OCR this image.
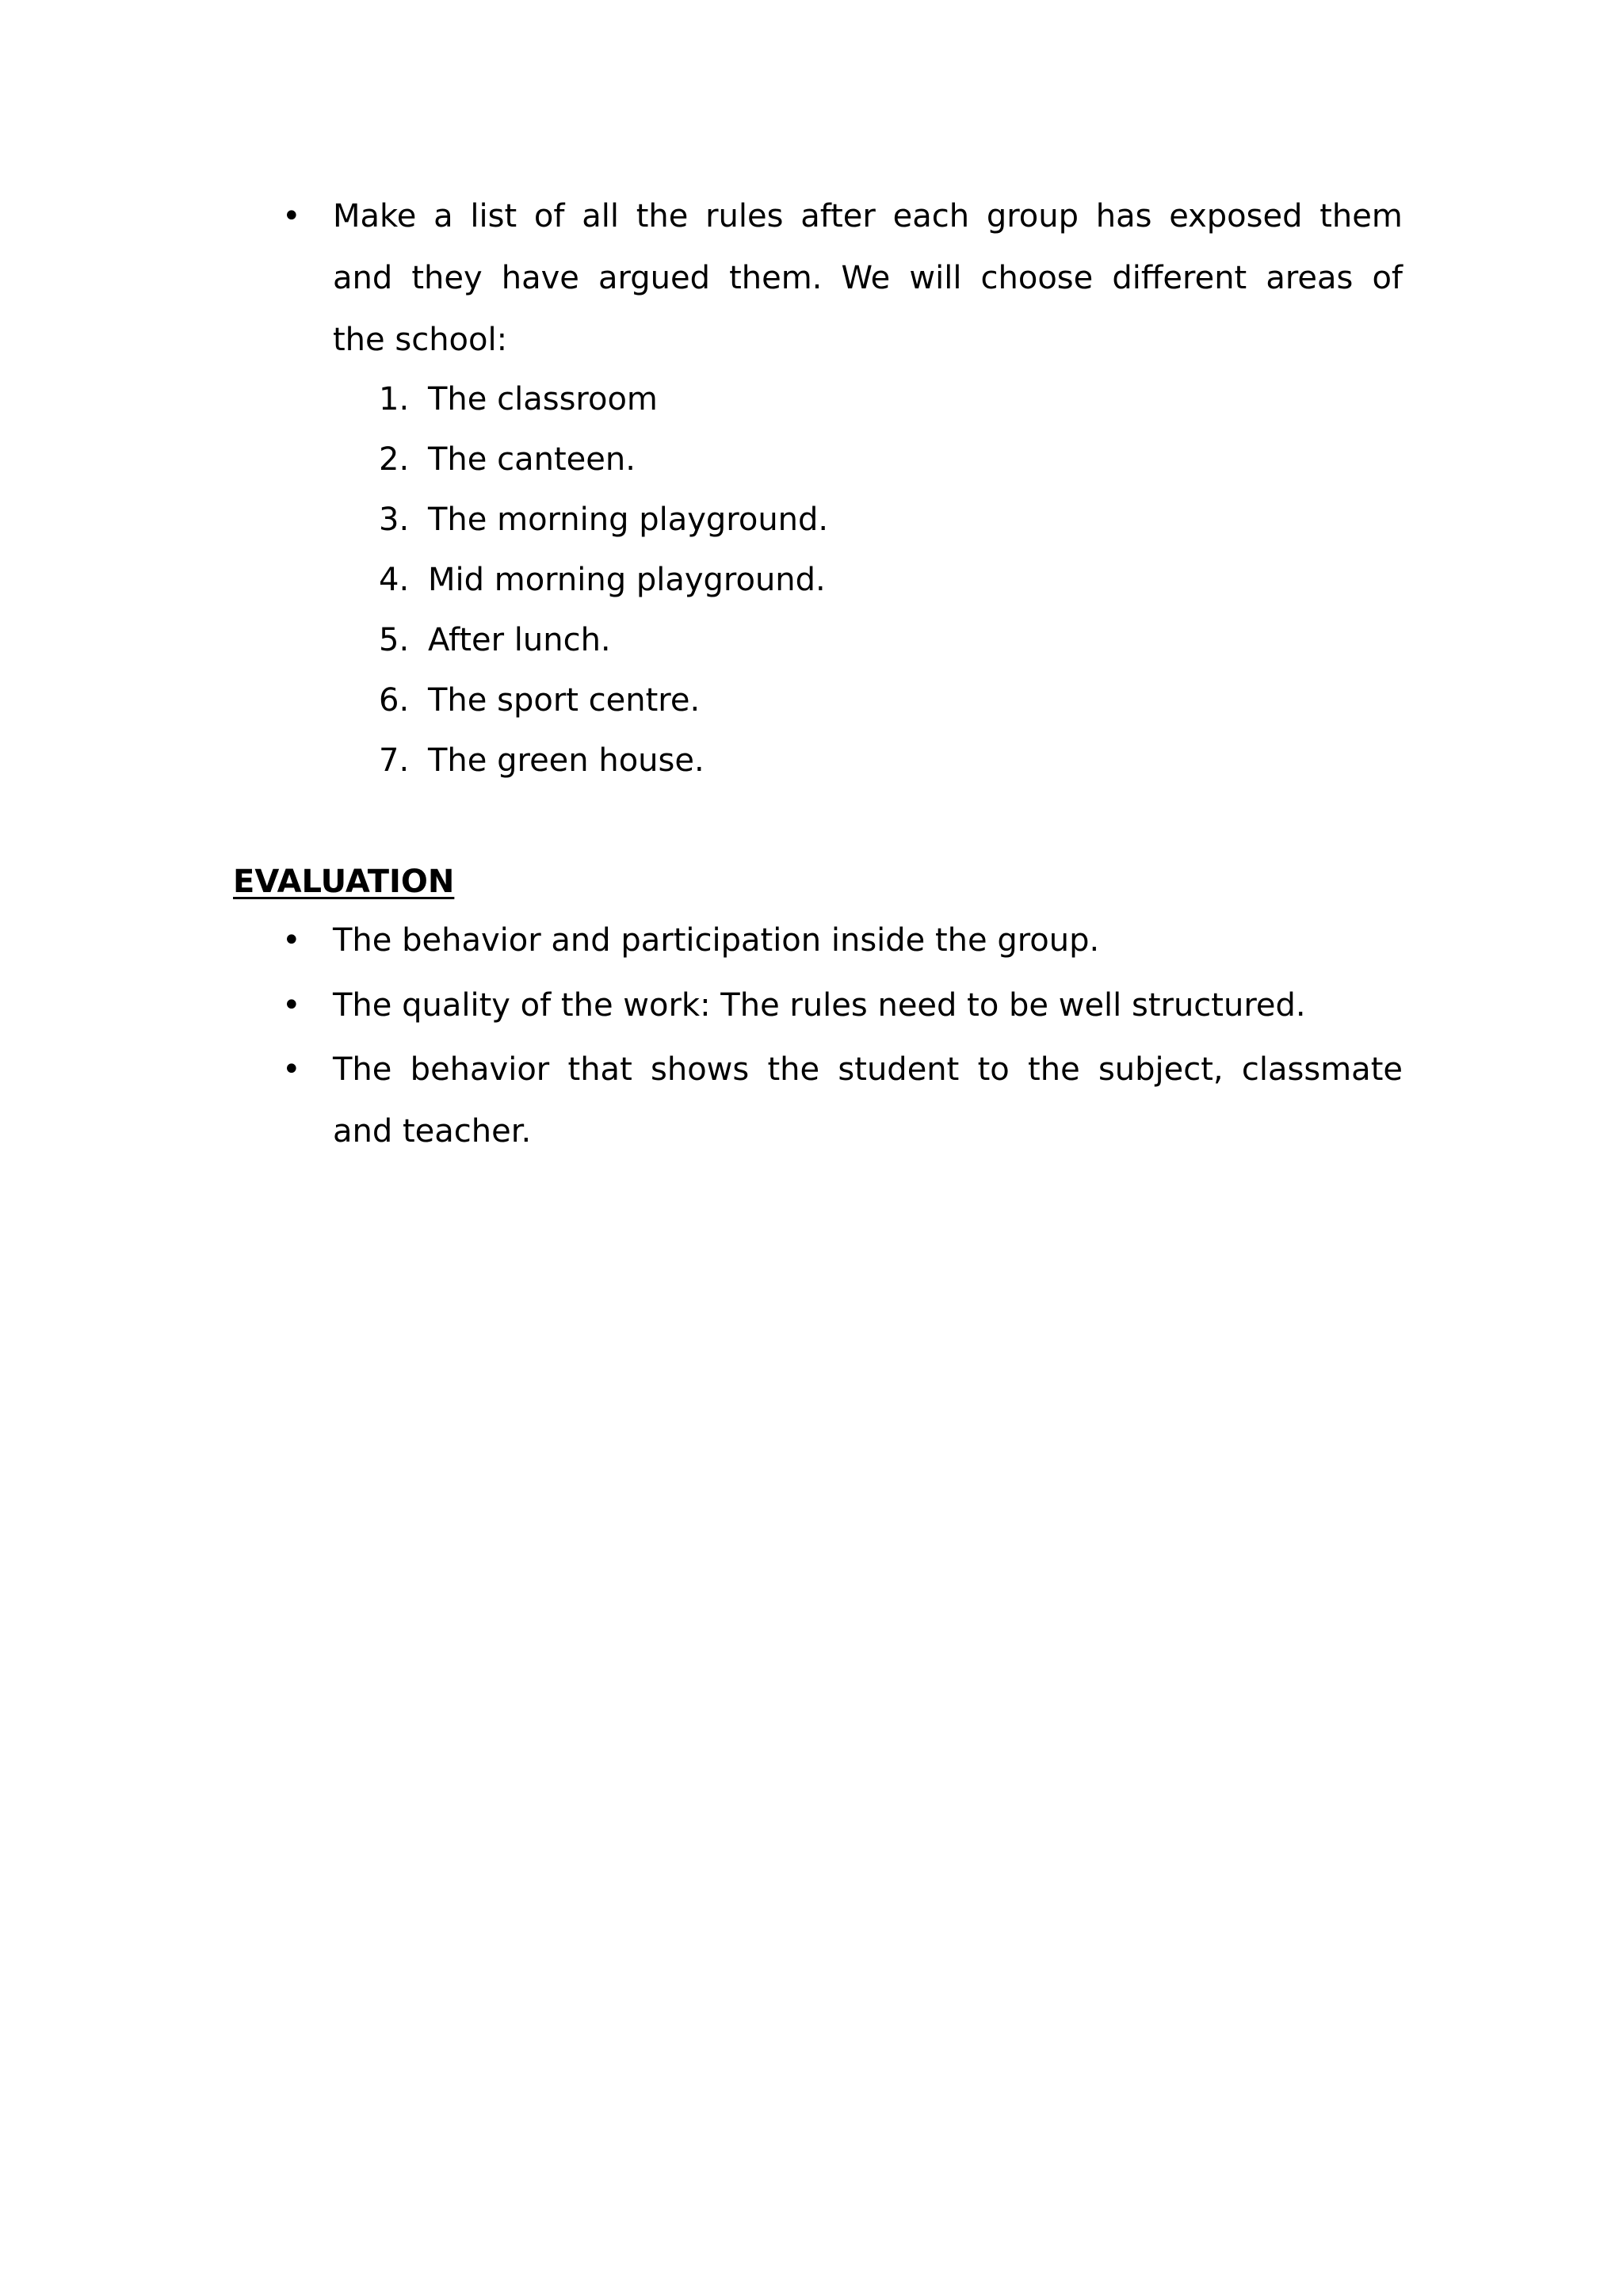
•	Make a list of all the rules after each group has exposed them
and they have argued them. We will choose different areas of
the school:
1. The classroom
2. The canteen.
3. The morning playground.
4. Mid morning playground.
5. After lunch.
6. The sport centre.
7. The green house.
EVALUATION
•	The behavior and participation inside the group.
•	The quality of the work: The rules need to be well structured.
•	The behavior that shows the student to the subject, classmate
and teacher.
